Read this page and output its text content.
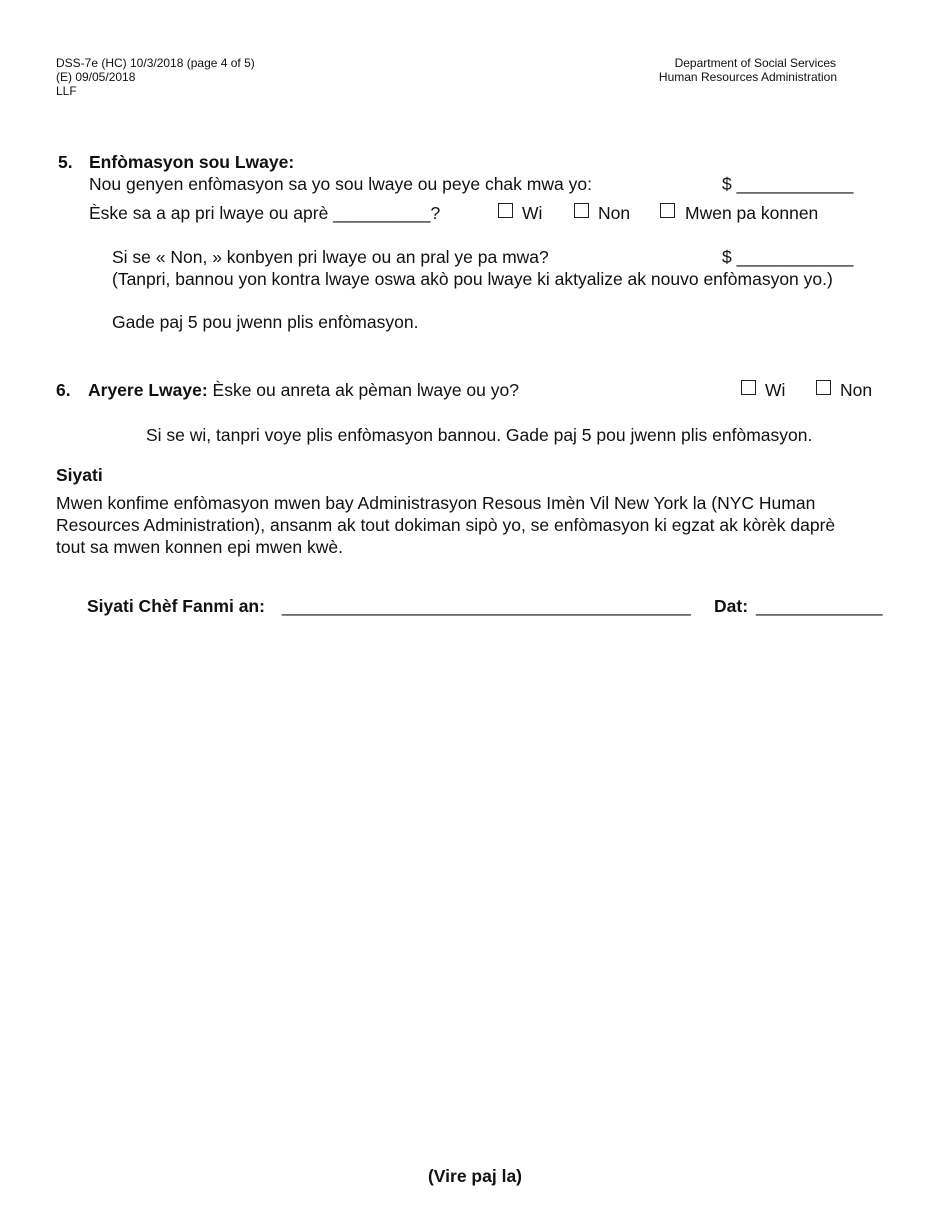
DSS-7e (HC) 10/3/2018 (page 4 of 5)
(E) 09/05/2018
LLF
Department of Social Services
Human Resources Administration
5. Enfòmasyon sou Lwaye:
Nou genyen enfòmasyon sa yo sou lwaye ou peye chak mwa yo:	$ ____________
Èske sa a ap pri lwaye ou aprè __________?	Wi	Non	Mwen pa konnen
Si se « Non, » konbyen pri lwaye ou an pral ye pa mwa?	$ ____________
(Tanpri, bannou yon kontra lwaye oswa akò pou lwaye ki aktyalize ak nouvo enfòmasyon yo.)
Gade paj 5 pou jwenn plis enfòmasyon.
6. Aryere Lwaye: Èske ou anreta ak pèman lwaye ou yo?	Wi	Non
Si se wi, tanpri voye plis enfòmasyon bannou. Gade paj 5 pou jwenn plis enfòmasyon.
Siyati
Mwen konfime enfòmasyon mwen bay Administrasyon Resous Imèn Vil New York la (NYC Human
Resources Administration), ansanm ak tout dokiman sipò yo, se enfòmasyon ki egzat ak kòrèk daprè
tout sa mwen konnen epi mwen kwè.
Siyati Chèf Fanmi an: __________________________________________ Dat: _____________
(Vire paj la)
